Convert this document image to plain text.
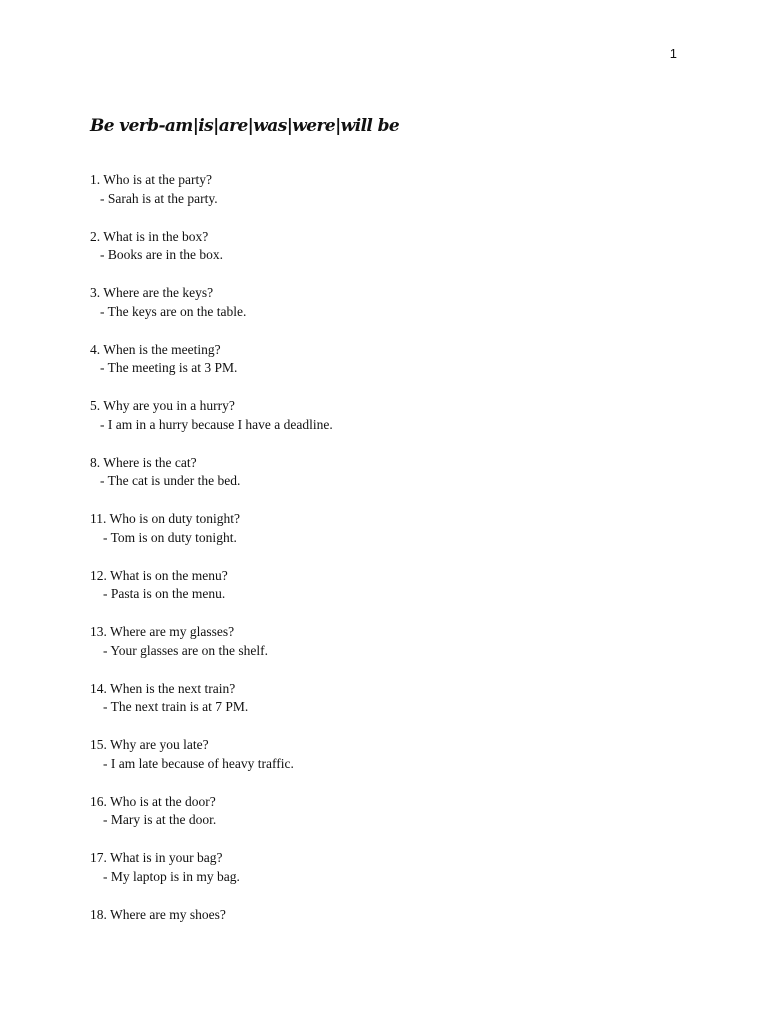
1
Be verb-am|is|are|was|were|will be

1. Who is at the party?

- Sarah is at the party.

2. What is in the box?

- Books are in the box.

3. Where are the keys?

- The keys are on the table.

4. When is the meeting?

- The meeting is at 3 PM.

5. Why are you in a hurry?

- I am in a hurry because I have a deadline.

8. Where is the cat?

- The cat is under the bed.

11. Who is on duty tonight?

- Tom is on duty tonight.

12. What is on the menu?

- Pasta is on the menu.

13. Where are my glasses?

- Your glasses are on the shelf.

14. When is the next train?

- The next train is at 7 PM.

15. Why are you late?

- I am late because of heavy traffic.

16. Who is at the door?

- Mary is at the door.

17. What is in your bag?

- My laptop is in my bag.

18. Where are my shoes?
